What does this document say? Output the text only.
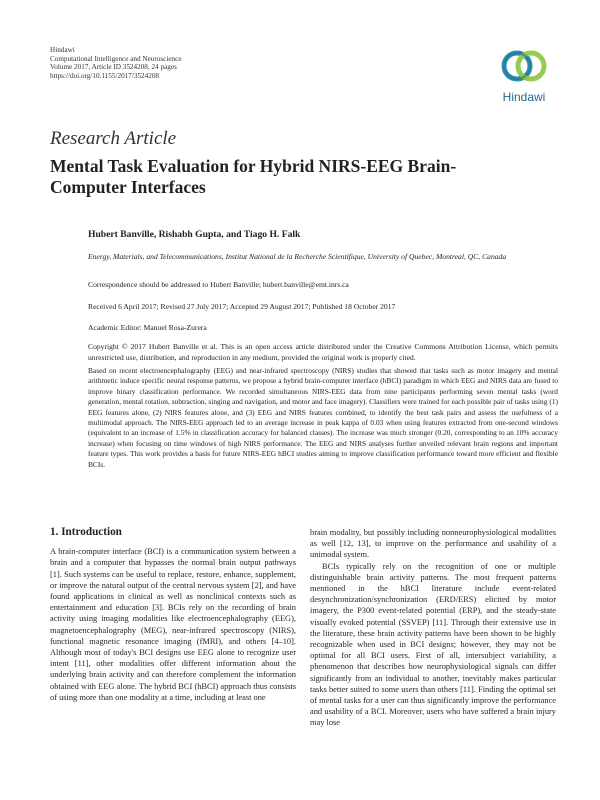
Hindawi
Computational Intelligence and Neuroscience
Volume 2017, Article ID 3524208, 24 pages
https://doi.org/10.1155/2017/3524208
Hindawi
Research Article
Mental Task Evaluation for Hybrid NIRS-EEG Brain-Computer Interfaces
Hubert Banville, Rishabh Gupta, and Tiago H. Falk
Energy, Materials, and Telecommunications, Institut National de la Recherche Scientifique, University of Quebec, Montreal, QC, Canada
Correspondence should be addressed to Hubert Banville; hubert.banville@emt.inrs.ca
Received 6 April 2017; Revised 27 July 2017; Accepted 29 August 2017; Published 18 October 2017
Academic Editor: Manuel Rosa-Zurera
Copyright © 2017 Hubert Banville et al. This is an open access article distributed under the Creative Commons Attribution License, which permits unrestricted use, distribution, and reproduction in any medium, provided the original work is properly cited.
Based on recent electroencephalography (EEG) and near-infrared spectroscopy (NIRS) studies that showed that tasks such as motor imagery and mental arithmetic induce specific neural response patterns, we propose a hybrid brain-computer interface (hBCI) paradigm in which EEG and NIRS data are fused to improve binary classification performance. We recorded simultaneous NIRS-EEG data from nine participants performing seven mental tasks (word generation, mental rotation, subtraction, singing and navigation, and motor and face imagery). Classifiers were trained for each possible pair of tasks using (1) EEG features alone, (2) NIRS features alone, and (3) EEG and NIRS features combined, to identify the best task pairs and assess the usefulness of a multimodal approach. The NIRS-EEG approach led to an average increase in peak kappa of 0.03 when using features extracted from one-second windows (equivalent to an increase of 1.5% in classification accuracy for balanced classes). The increase was much stronger (0.20, corresponding to an 10% accuracy increase) when focusing on time windows of high NIRS performance. The EEG and NIRS analyses further unveiled relevant brain regions and important feature types. This work provides a basis for future NIRS-EEG hBCI studies aiming to improve classification performance toward more efficient and flexible BCIs.
1. Introduction

A brain-computer interface (BCI) is a communication system between a brain and a computer that bypasses the normal brain output pathways [1]. Such systems can be useful to replace, restore, enhance, supplement, or improve the natural output of the central nervous system [2], and have found applications in clinical as well as nonclinical contexts such as entertainment and education [3]. BCIs rely on the recording of brain activity using imaging modalities like electroencephalography (EEG), magnetoencephalography (MEG), near-infrared spectroscopy (NIRS), functional magnetic resonance imaging (fMRI), and others [4–10]. Although most of today's BCI designs use EEG alone to recognize user intent [11], other modalities offer different information about the underlying brain activity and can therefore complement the information obtained with EEG alone. The hybrid BCI (hBCI) approach thus consists of using more than one modality at a time, including at least one

brain modality, but possibly including nonneurophysiological modalities as well [12, 13], to improve on the performance and usability of a unimodal system.

BCIs typically rely on the recognition of one or multiple distinguishable brain activity patterns. The most frequent patterns mentioned in the hBCI literature include event-related desynchronization/synchronization (ERD/ERS) elicited by motor imagery, the P300 event-related potential (ERP), and the steady-state visually evoked potential (SSVEP) [11]. Through their extensive use in the literature, these brain activity patterns have been shown to be highly recognizable when used in BCI designs; however, they may not be optimal for all BCI users. First of all, intersubject variability, a phenomenon that describes how neurophysiological signals can differ significantly from an individual to another, inevitably makes particular tasks better suited to some users than others [11]. Finding the optimal set of mental tasks for a user can thus significantly improve the performance and usability of a BCI. Moreover, users who have suffered a brain injury may lose
